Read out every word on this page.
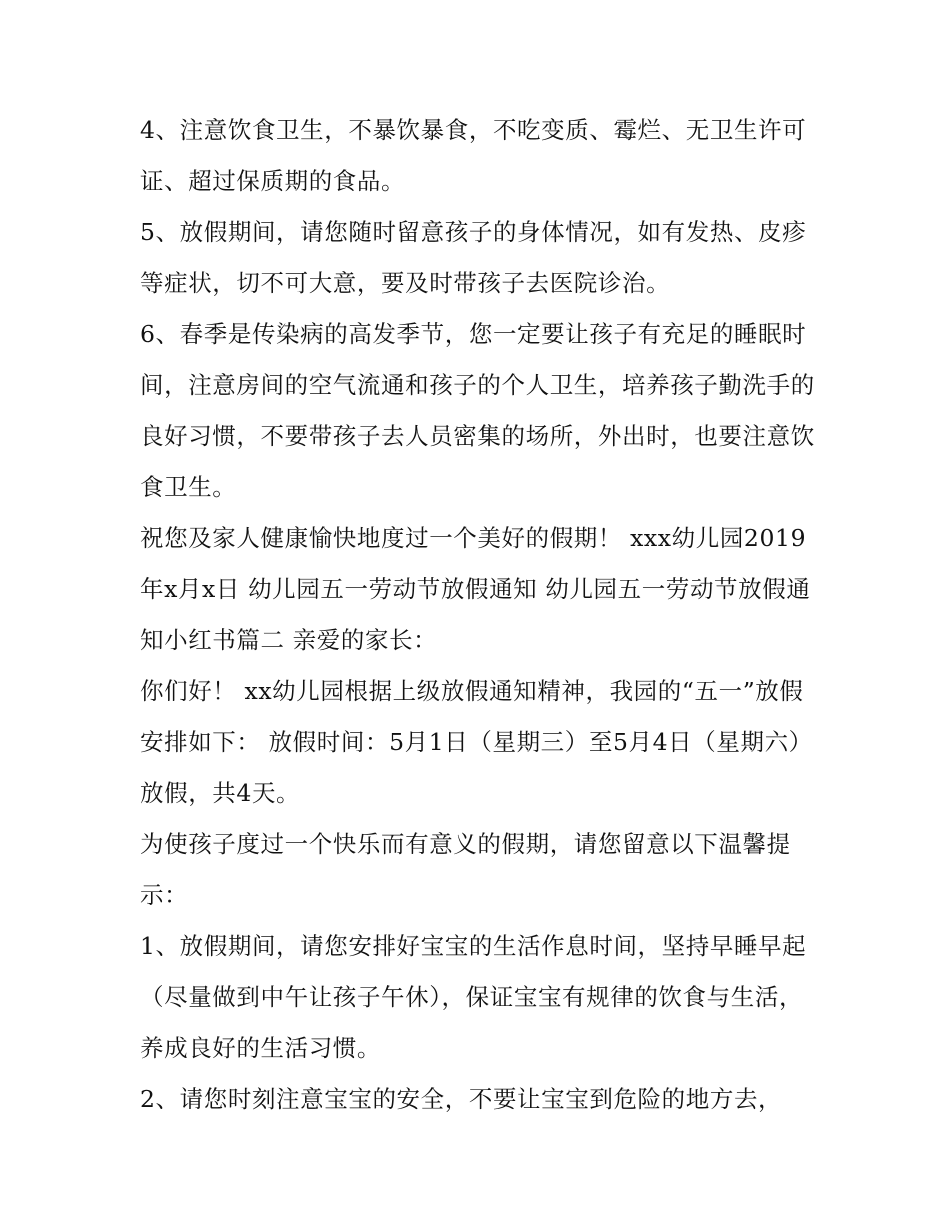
4、注意饮食卫生，不暴饮暴食，不吃变质、霉烂、无卫生许可证、超过保质期的食品。

5、放假期间，请您随时留意孩子的身体情况，如有发热、皮疹等症状，切不可大意，要及时带孩子去医院诊治。

6、春季是传染病的高发季节，您一定要让孩子有充足的睡眠时间，注意房间的空气流通和孩子的个人卫生，培养孩子勤洗手的良好习惯，不要带孩子去人员密集的场所，外出时，也要注意饮食卫生。

祝您及家人健康愉快地度过一个美好的假期！ xxx幼儿园2019年x月x日 幼儿园五一劳动节放假通知 幼儿园五一劳动节放假通知小红书篇二 亲爱的家长：

你们好！ xx幼儿园根据上级放假通知精神，我园的“五一”放假安排如下： 放假时间：5月1日（星期三）至5月4日（星期六）放假，共4天。

为使孩子度过一个快乐而有意义的假期，请您留意以下温馨提示：

1、放假期间，请您安排好宝宝的生活作息时间，坚持早睡早起（尽量做到中午让孩子午休），保证宝宝有规律的饮食与生活，养成良好的生活习惯。

2、请您时刻注意宝宝的安全，不要让宝宝到危险的地方去，
